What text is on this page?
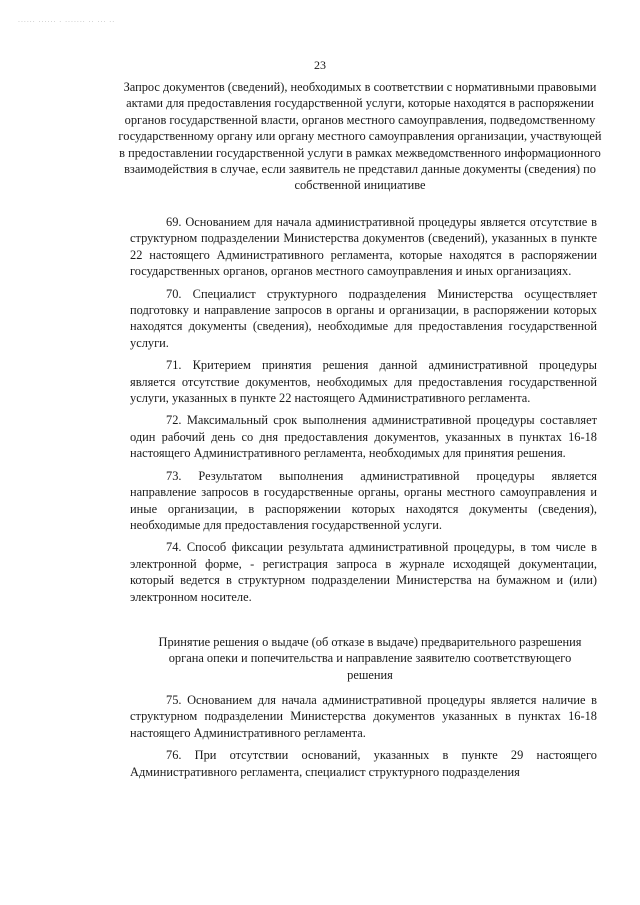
...... ...... . ....... .. ... ..
23
Запрос документов (сведений), необходимых в соответствии с нормативными правовыми актами для предоставления государственной услуги, которые находятся в распоряжении органов государственной власти, органов местного самоуправления, подведомственному государственному органу или органу местного самоуправления организации, участвующей в предоставлении государственной услуги в рамках межведомственного информационного взаимодействия в случае, если заявитель не представил данные документы (сведения) по собственной инициативе

69. Основанием для начала административной процедуры является отсутствие в структурном подразделении Министерства документов (сведений), указанных в пункте 22 настоящего Административного регламента, которые находятся в распоряжении государственных органов, органов местного самоуправления и иных организациях.

70. Специалист структурного подразделения Министерства осуществляет подготовку и направление запросов в органы и организации, в распоряжении которых находятся документы (сведения), необходимые для предоставления государственной услуги.

71. Критерием принятия решения данной административной процедуры является отсутствие документов, необходимых для предоставления государственной услуги, указанных в пункте 22 настоящего Административного регламента.

72. Максимальный срок выполнения административной процедуры составляет один рабочий день со дня предоставления документов, указанных в пунктах 16-18 настоящего Административного регламента, необходимых для принятия решения.

73. Результатом выполнения административной процедуры является направление запросов в государственные органы, органы местного самоуправления и иные организации, в распоряжении которых находятся документы (сведения), необходимые для предоставления государственной услуги.

74. Способ фиксации результата административной процедуры, в том числе в электронной форме, - регистрация запроса в журнале исходящей документации, который ведется в структурном подразделении Министерства на бумажном и (или) электронном носителе.

Принятие решения о выдаче (об отказе в выдаче) предварительного разрешения органа опеки и попечительства и направление заявителю соответствующего решения

75. Основанием для начала административной процедуры является наличие в структурном подразделении Министерства документов указанных в пунктах 16-18 настоящего Административного регламента.

76. При отсутствии оснований, указанных в пункте 29 настоящего Административного регламента, специалист структурного подразделения
